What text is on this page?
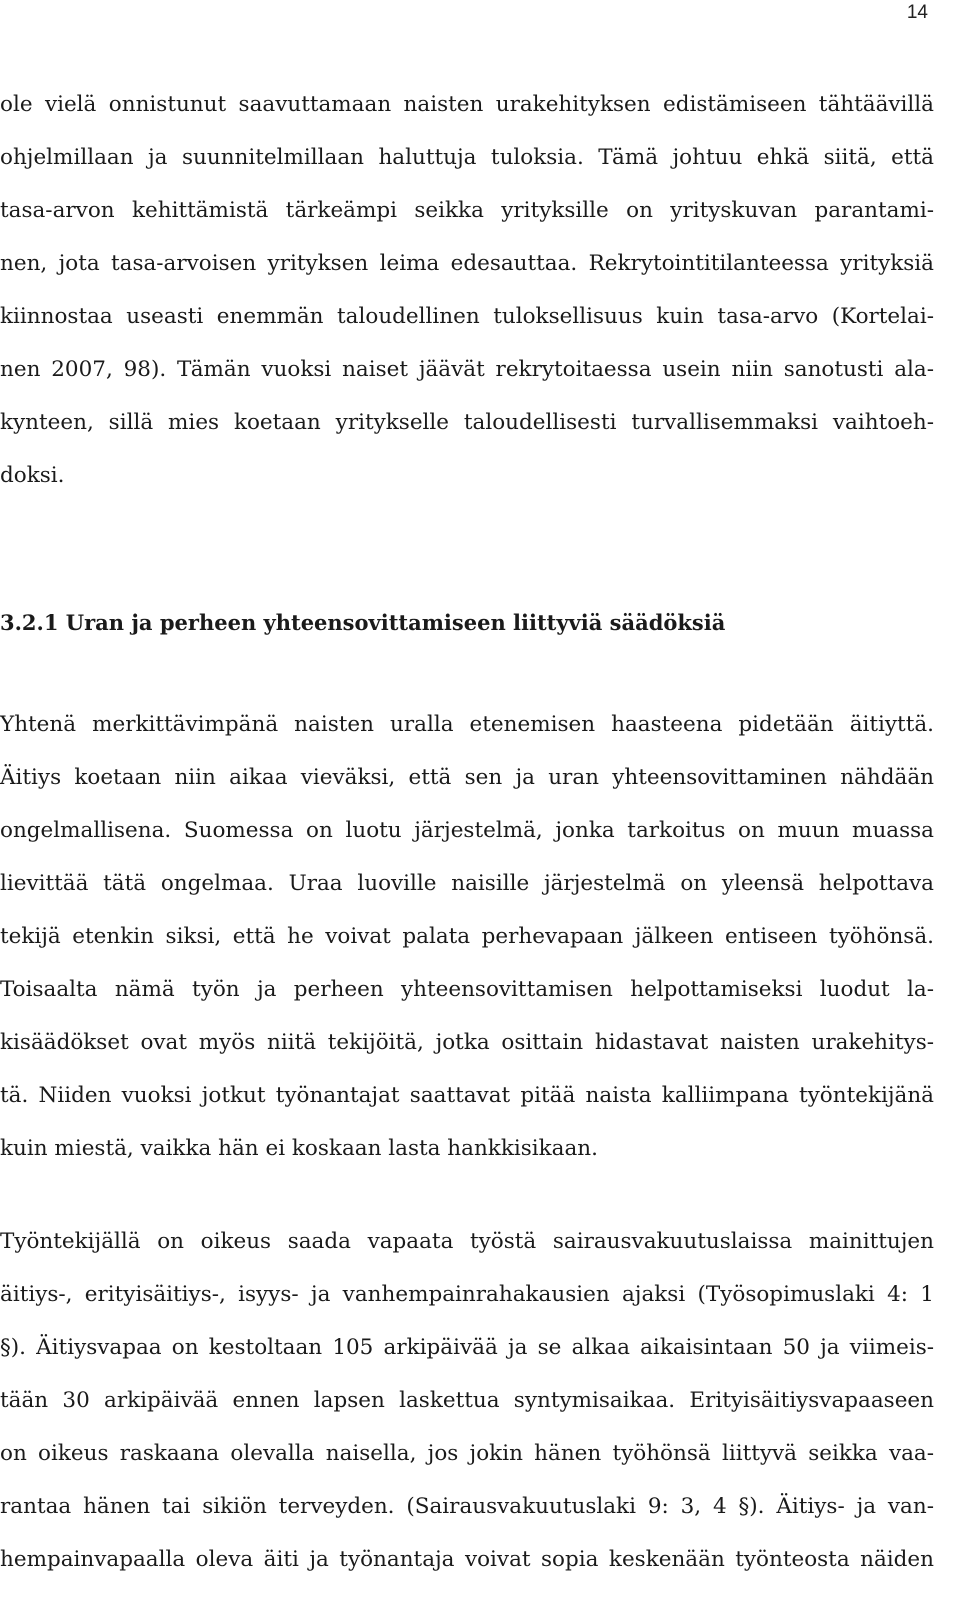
14
ole vielä onnistunut saavuttamaan naisten urakehityksen edistämiseen tähtäävillä
ohjelmillaan ja suunnitelmillaan haluttuja tuloksia. Tämä johtuu ehkä siitä, että
tasa-arvon kehittämistä tärkeämpi seikka yrityksille on yrityskuvan parantami-
nen, jota tasa-arvoisen yrityksen leima edesauttaa. Rekrytointitilanteessa yrityksiä
kiinnostaa useasti enemmän taloudellinen tuloksellisuus kuin tasa-arvo (Kortelai-
nen 2007, 98). Tämän vuoksi naiset jäävät rekrytoitaessa usein niin sanotusti ala-
kynteen, sillä mies koetaan yritykselle taloudellisesti turvallisemmaksi vaihtoeh-
doksi.
3.2.1 Uran ja perheen yhteensovittamiseen liittyviä säädöksiä
Yhtenä merkittävimpänä naisten uralla etenemisen haasteena pidetään äitiyttä.
Äitiys koetaan niin aikaa vieväksi, että sen ja uran yhteensovittaminen nähdään
ongelmallisena. Suomessa on luotu järjestelmä, jonka tarkoitus on muun muassa
lievittää tätä ongelmaa. Uraa luoville naisille järjestelmä on yleensä helpottava
tekijä etenkin siksi, että he voivat palata perhevapaan jälkeen entiseen työhönsä.
Toisaalta nämä työn ja perheen yhteensovittamisen helpottamiseksi luodut la-
kisäädökset ovat myös niitä tekijöitä, jotka osittain hidastavat naisten urakehitys-
tä. Niiden vuoksi jotkut työnantajat saattavat pitää naista kalliimpana työntekijänä
kuin miestä, vaikka hän ei koskaan lasta hankkisikaan.
Työntekijällä on oikeus saada vapaata työstä sairausvakuutuslaissa mainittujen
äitiys-, erityisäitiys-, isyys- ja vanhempainrahakausien ajaksi (Työsopimuslaki 4: 1
§). Äitiysvapaa on kestoltaan 105 arkipäivää ja se alkaa aikaisintaan 50 ja viimeis-
tään 30 arkipäivää ennen lapsen laskettua syntymisaikaa. Erityisäitiysvapaaseen
on oikeus raskaana olevalla naisella, jos jokin hänen työhönsä liittyvä seikka vaa-
rantaa hänen tai sikiön terveyden. (Sairausvakuutuslaki 9: 3, 4 §). Äitiys- ja van-
hempainvapaalla oleva äiti ja työnantaja voivat sopia keskenään työnteosta näiden
